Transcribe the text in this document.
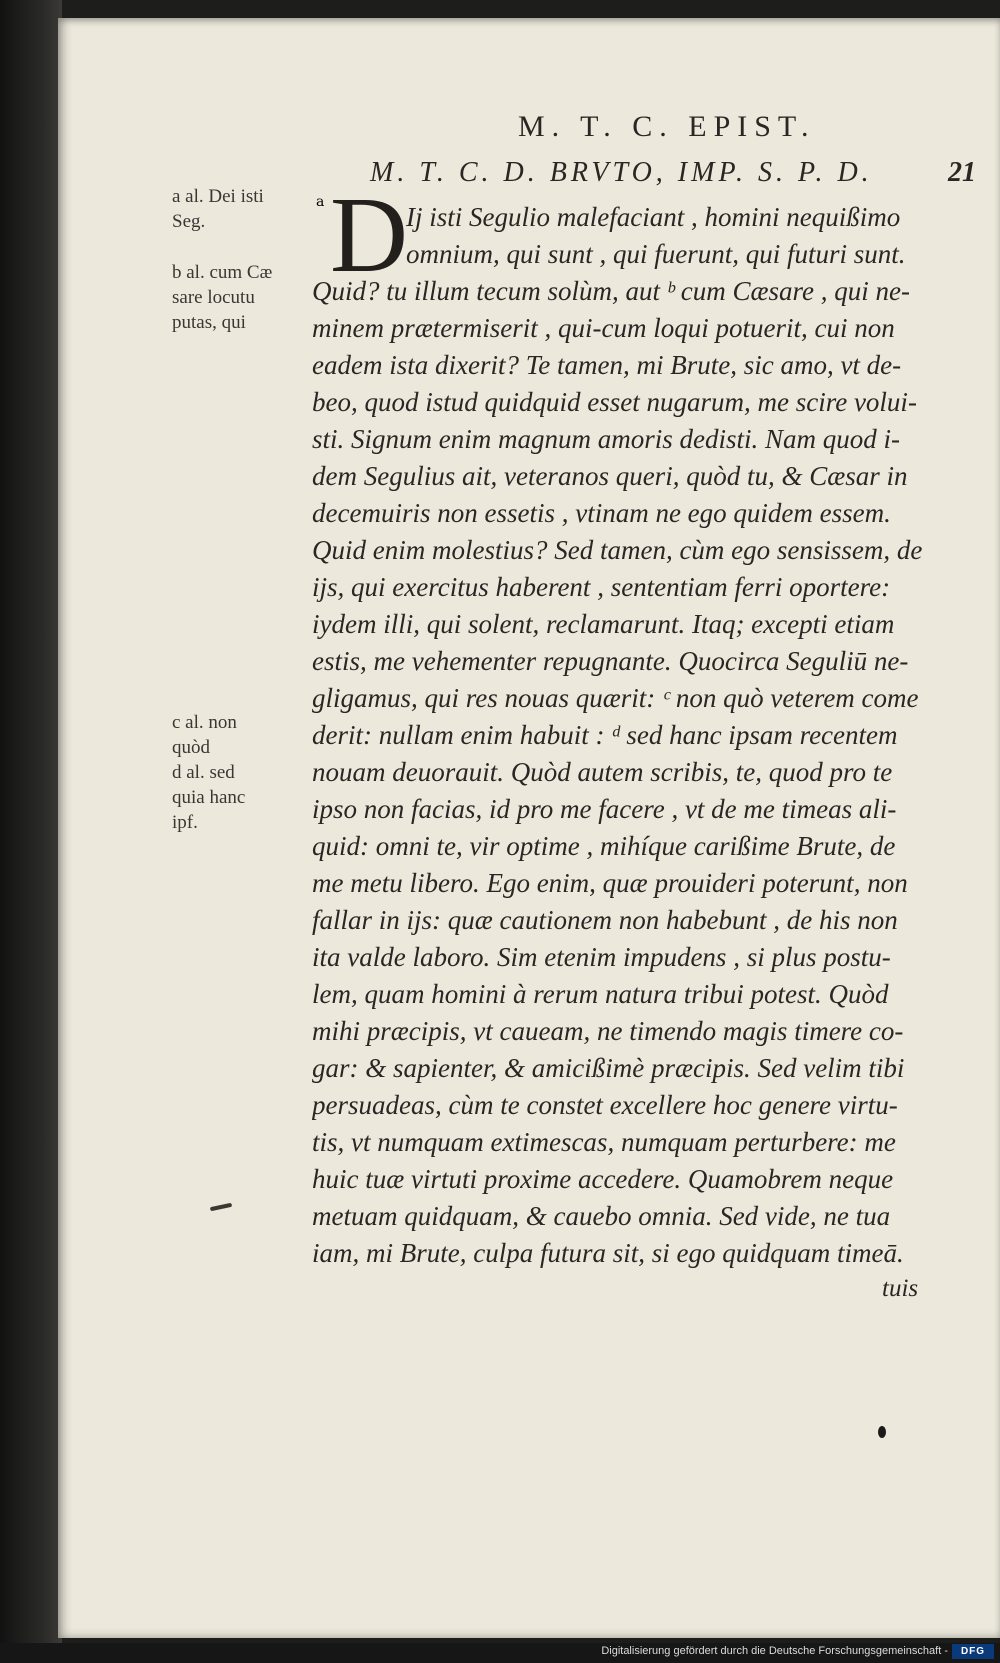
M. T. C. EPIST.
M. T. C. D. BRVTO, IMP. S. P. D.	21
a al. Dei isti
Seg.
b al. cum Cæ
sare locutu
putas, qui
c al. non
quòd
d al. sed
quia hanc
ipf.
a D
Ij isti Segulio malefaciant , homini nequißimo
omnium, qui sunt , qui fuerunt, qui futuri sunt.
Quid? tu illum tecum solùm, aut ᵇ cum Cæsare , qui ne-
minem prætermiserit , qui-cum loqui potuerit, cui non
eadem ista dixerit? Te tamen, mi Brute, sic amo, vt de-
beo, quod istud quidquid esset nugarum, me scire volui-
sti. Signum enim magnum amoris dedisti. Nam quod i-
dem Segulius ait, veteranos queri, quòd tu, & Cæsar in
decemuiris non essetis , vtinam ne ego quidem essem.
Quid enim molestius? Sed tamen, cùm ego sensissem, de
ijs, qui exercitus haberent , sententiam ferri oportere:
iydem illi, qui solent, reclamarunt. Itaq; excepti etiam
estis, me vehementer repugnante. Quocirca Seguliū ne-
gligamus, qui res nouas quærit: ᶜ non quò veterem come
derit: nullam enim habuit : ᵈ sed hanc ipsam recentem
nouam deuorauit. Quòd autem scribis, te, quod pro te
ipso non facias, id pro me facere , vt de me timeas ali-
quid: omni te, vir optime , mihíque carißime Brute, de
me metu libero. Ego enim, quæ prouideri poterunt, non
fallar in ijs: quæ cautionem non habebunt , de his non
ita valde laboro. Sim etenim impudens , si plus postu-
lem, quam homini à rerum natura tribui potest. Quòd
mihi præcipis, vt caueam, ne timendo magis timere co-
gar: & sapienter, & amicißimè præcipis. Sed velim tibi
persuadeas, cùm te constet excellere hoc genere virtu-
tis, vt numquam extimescas, numquam perturbere: me
huic tuæ virtuti proxime accedere. Quamobrem neque
metuam quidquam, & cauebo omnia. Sed vide, ne tua
iam, mi Brute, culpa futura sit, si ego quidquam timeā.
tuis
Digitalisierung gefördert durch die Deutsche Forschungsgemeinschaft -	DFG
